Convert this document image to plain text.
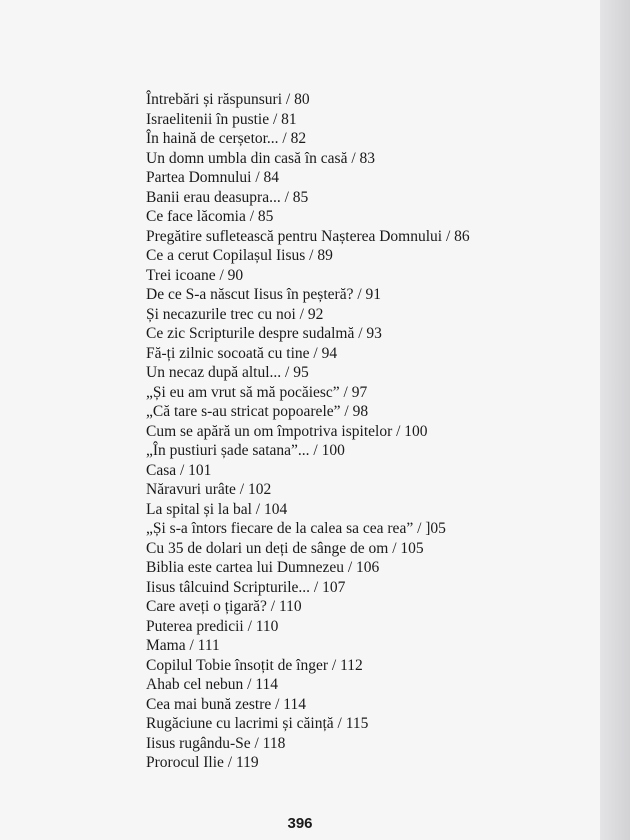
Întrebări și răspunsuri / 80
Israelitenii în pustie / 81
În haină de cerșetor... / 82
Un domn umbla din casă în casă / 83
Partea Domnului / 84
Banii erau deasupra... / 85
Ce face lăcomia / 85
Pregătire sufletească pentru Nașterea Domnului / 86
Ce a cerut Copilașul Iisus / 89
Trei icoane / 90
De ce S-a născut Iisus în peșteră? / 91
Și necazurile trec cu noi / 92
Ce zic Scripturile despre sudalmă / 93
Fă-ți zilnic socoată cu tine / 94
Un necaz după altul... / 95
„Și eu am vrut să mă pocăiesc” / 97
„Că tare s-au stricat popoarele” / 98
Cum se apără un om împotriva ispitelor / 100
„În pustiuri șade satana”... / 100
Casa / 101
Năravuri urâte / 102
La spital și la bal / 104
„Și s-a întors fiecare de la calea sa cea rea” / ]05
Cu 35 de dolari un deți de sânge de om / 105
Biblia este cartea lui Dumnezeu / 106
Iisus tâlcuind Scripturile... / 107
Care aveți o țigară? / 110
Puterea predicii / 110
Mama / 111
Copilul Tobie însoțit de înger / 112
Ahab cel nebun / 114
Cea mai bună zestre / 114
Rugăciune cu lacrimi și căință / 115
Iisus rugându-Se / 118
Prorocul Ilie / 119
396
